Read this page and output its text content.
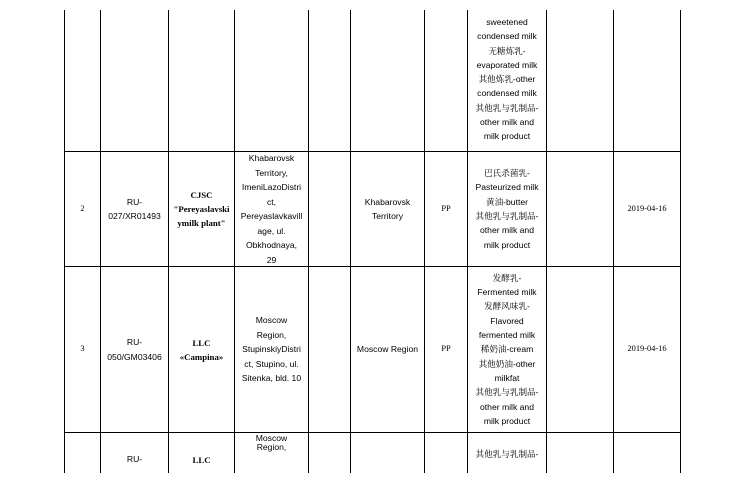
sweetened
condensed milk
无糖炼乳-
evaporated milk
其他炼乳-other
condensed milk
其他乳与乳制品-
other milk and
milk product
2
RU-
027/XR01493
CJSC
"Pereyaslavski
ymilk plant"
Khabarovsk
Territory,
ImeniLazoDistri
ct,
Pereyaslavkavill
age, ul.
Obkhodnaya,
29
Khabarovsk
Territory
PP
巴氏杀菌乳-
Pasteurized milk
黄油-butter
其他乳与乳制品-
other milk and
milk product
2019-04-16
3
RU-
050/GM03406
LLC
«Campina»
Moscow
Region,
StupinskiyDistri
ct, Stupino, ul.
Sitenka, bld. 10
Moscow Region	PP
发酵乳-
Fermented milk
发酵风味乳-
Flavored
fermented milk
稀奶油-cream
其他奶油-other
milkfat
其他乳与乳制品-
other milk and
milk product
2019-04-16
RU-	LLC
Moscow
Region,
其他乳与乳制品-
